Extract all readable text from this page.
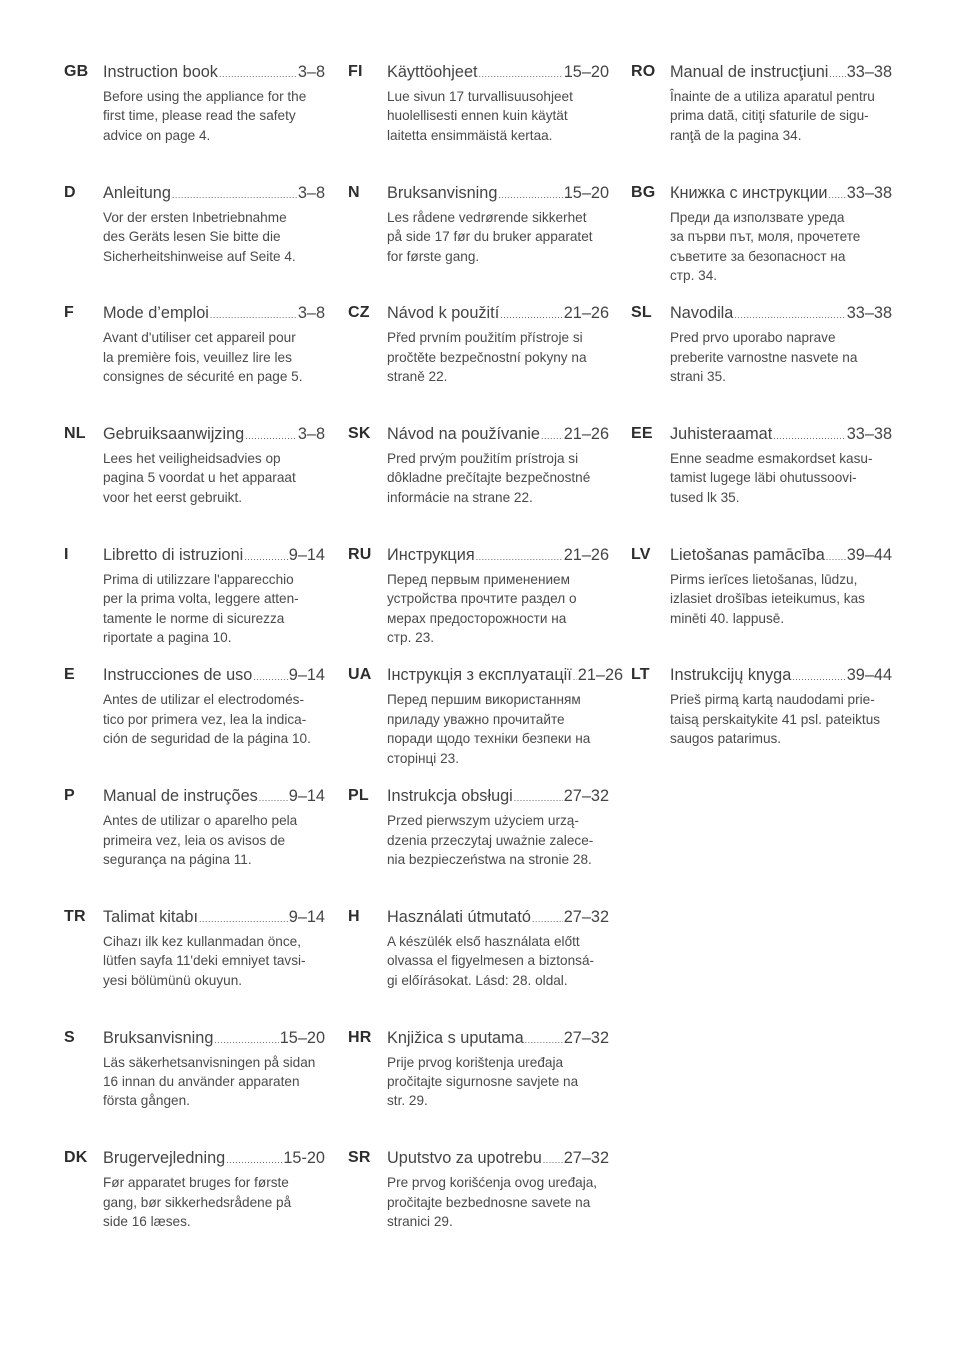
GB Instruction book .....	3–8
Before using the appliance for the
first time, please read the safety
advice on page 4.
D Anleitung .....	3–8
Vor der ersten Inbetriebnahme
des Geräts lesen Sie bitte die
Sicherheitshinweise auf Seite 4.
F Mode d’emploi .....	3–8
Avant d'utiliser cet appareil pour
la première fois, veuillez lire les
consignes de sécurité en page 5.
NL Gebruiksaanwijzing .....	3–8
Lees het veiligheidsadvies op
pagina 5 voordat u het apparaat
voor het eerst gebruikt.
I Libretto di istruzioni .....	9–14
Prima di utilizzare l'apparecchio
per la prima volta, leggere atten-
tamente le norme di sicurezza
riportate a pagina 10.
E Instrucciones de uso ..... 9–14
Antes de utilizar el electrodomés-
tico por primera vez, lea la indica-
ción de seguridad de la página 10.
P Manual de instruções ..... 9–14
Antes de utilizar o aparelho pela
primeira vez, leia os avisos de
segurança na página 11.
TR Talimat kitabı .....	9–14
Cihazı ilk kez kullanmadan önce,
lütfen sayfa 11'deki emniyet tavsi-
yesi bölümünü okuyun.
S Bruksanvisning .....	15–20
Läs säkerhetsanvisningen på sidan
16 innan du använder apparaten
första gången.
DK Brugervejledning .....	15-20
Før apparatet bruges for første
gang, bør sikkerhedsrådene på
side 16 læses.
FI Käyttöohjeet .....	15–20
Lue sivun 17 turvallisuusohjeet
huolellisesti ennen kuin käytät
laitetta ensimmäistä kertaa.
N Bruksanvisning .....	15–20
Les rådene vedrørende sikkerhet
på side 17 før du bruker apparatet
for første gang.
CZ Návod k použití .....	21–26
Před prvním použitím přístroje si
pročtěte bezpečnostní pokyny na
straně 22.
SK Návod na používanie ..... 21–26
Pred prvým použitím prístroja si
dôkladne prečítajte bezpečnostné
informácie na strane 22.
RU Инструкция .....	21–26
Перед первым применением
устройства прочтите раздел о
мерах предосторожности на
стр. 23.
UA Інструкція з експлуатації ..... 21–26
Перед першим використанням
приладу уважно прочитайте
поради щодо техніки безпеки на
сторінці 23.
PL Instrukcja obsługi .....	27–32
Przed pierwszym użyciem urzą-
dzenia przeczytaj uważnie zalece-
nia bezpieczeństwa na stronie 28.
H Használati útmutató ..... 27–32
A készülék első használata előtt
olvassa el figyelmesen a biztonsá-
gi előírásokat. Lásd: 28. oldal.
HR Knjižica s uputama ..... 27–32
Prije prvog korištenja uređaja
pročitajte sigurnosne savjete na
str. 29.
SR Uputstvo za upotrebu ..... 27–32
Pre prvog korišćenja ovog uređaja,
pročitajte bezbednosne savete na
stranici 29.
RO Manual de instrucţiuni ..... 33–38
Înainte de a utiliza aparatul pentru
prima dată, citiţi sfaturile de sigu-
ranţă de la pagina 34.
BG Книжка с инструкции ..... 33–38
Преди да използвате уреда
за първи път, моля, прочетете
съветите за безопасност на
стр. 34.
SL Navodila .....	33–38
Pred prvo uporabo naprave
preberite varnostne nasvete na
strani 35.
EE Juhisteraamat .....	33–38
Enne seadme esmakordset kasu-
tamist lugege läbi ohutussoovi-
tused lk 35.
LV Lietošanas pamācība ..... 39–44
Pirms ierīces lietošanas, lūdzu,
izlasiet drošības ieteikumus, kas
minēti 40. lappusē.
LT Instrukcijų knyga .....	39–44
Prieš pirmą kartą naudodami prie-
taisą perskaitykite 41 psl. pateiktus
saugos patarimus.
